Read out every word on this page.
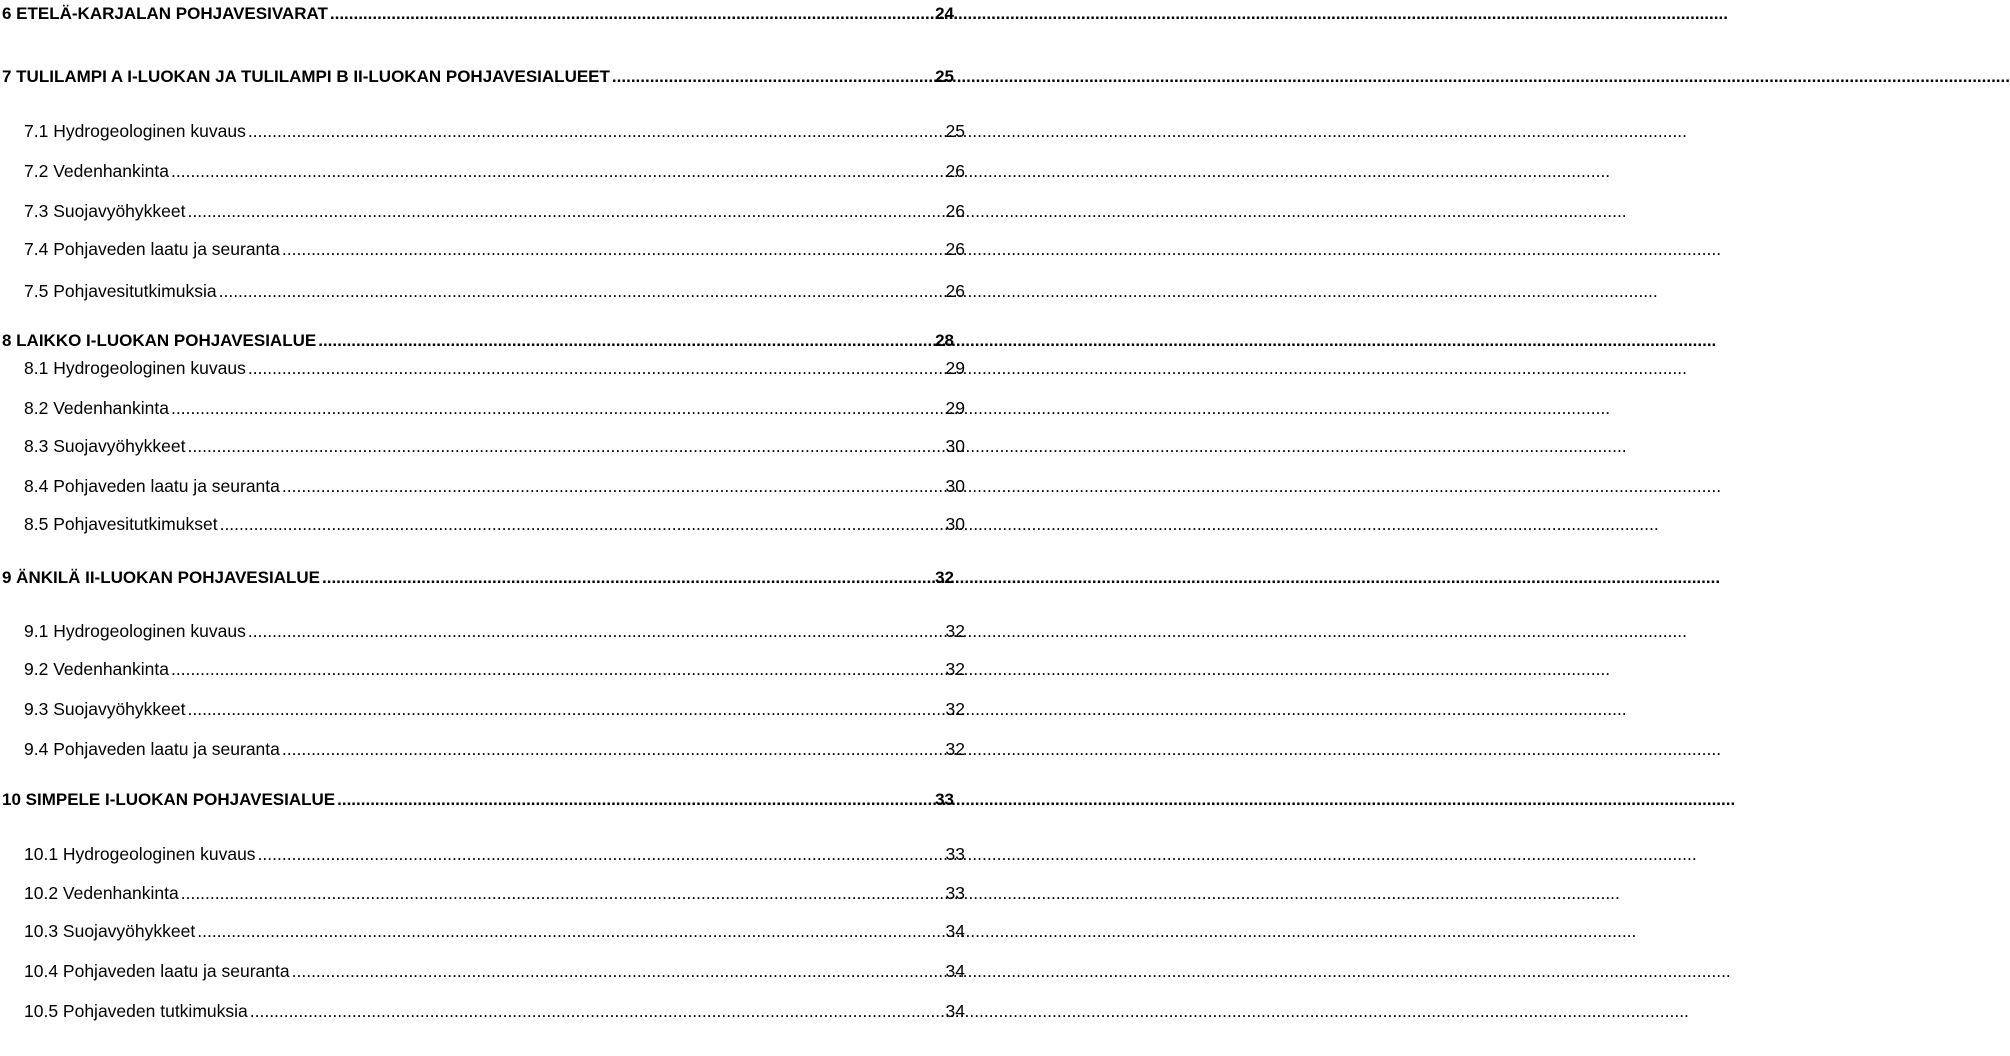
6 ETELÄ-KARJALAN POHJAVESIVARAT .....	24
7 TULILAMPI A I-LUOKAN JA TULILAMPI B II-LUOKAN POHJAVESIALUEET .....	25
7.1 Hydrogeologinen kuvaus .....	25
7.2 Vedenhankinta .....	26
7.3 Suojavyöhykkeet .....	26
7.4 Pohjaveden laatu ja seuranta .....	26
7.5 Pohjavesitutkimuksia .....	26
8 LAIKKO I-LUOKAN POHJAVESIALUE .....	28
8.1 Hydrogeologinen kuvaus .....	29
8.2 Vedenhankinta .....	29
8.3 Suojavyöhykkeet .....	30
8.4 Pohjaveden laatu ja seuranta .....	30
8.5 Pohjavesitutkimukset .....	30
9 ÄNKILÄ II-LUOKAN POHJAVESIALUE .....	32
9.1 Hydrogeologinen kuvaus .....	32
9.2 Vedenhankinta .....	32
9.3 Suojavyöhykkeet .....	32
9.4 Pohjaveden laatu ja seuranta .....	32
10 SIMPELE I-LUOKAN POHJAVESIALUE .....	33
10.1 Hydrogeologinen kuvaus .....	33
10.2 Vedenhankinta .....	33
10.3 Suojavyöhykkeet .....	34
10.4 Pohjaveden laatu ja seuranta .....	34
10.5 Pohjaveden tutkimuksia .....	34
